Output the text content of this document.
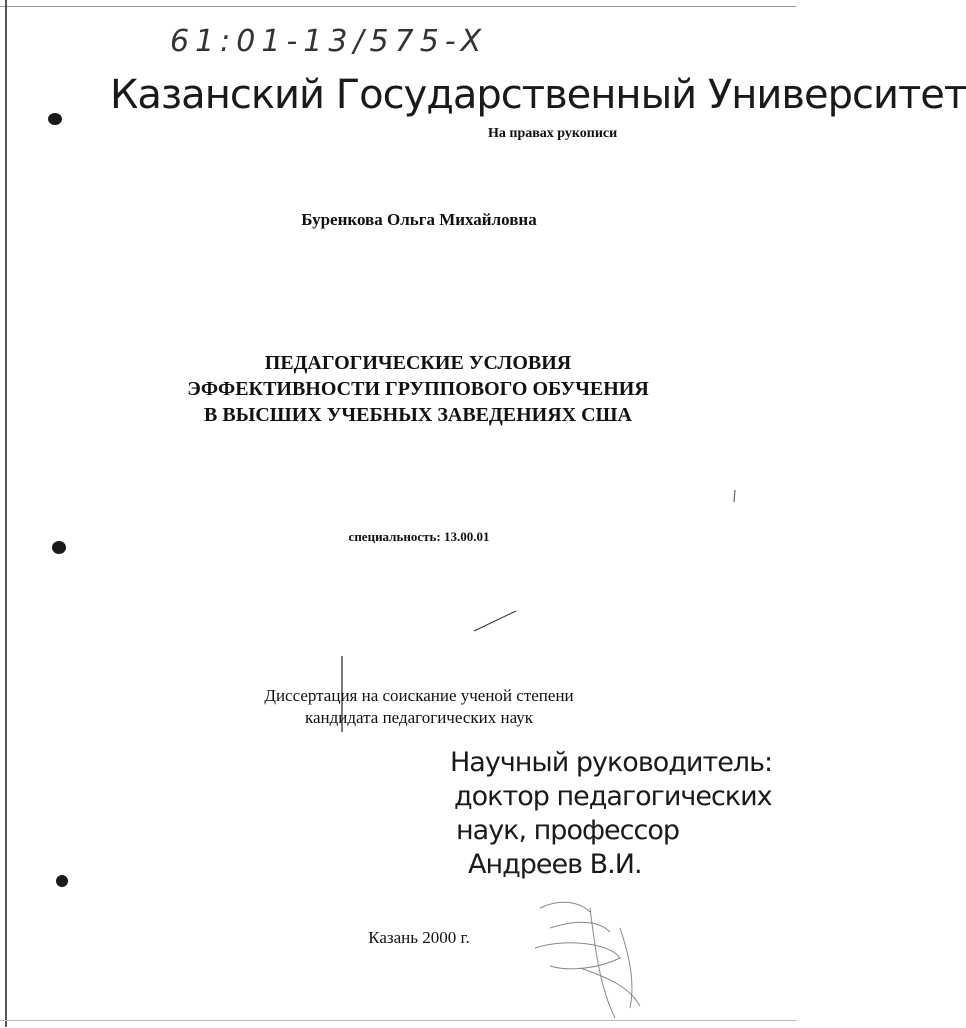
61:01-13/575-X
Казанский Государственный Университет
На правах рукописи
Буренкова Ольга Михайловна
ПЕДАГОГИЧЕСКИЕ УСЛОВИЯ
ЭФФЕКТИВНОСТИ ГРУППОВОГО ОБУЧЕНИЯ
В ВЫСШИХ УЧЕБНЫХ ЗАВЕДЕНИЯХ США
специальность: 13.00.01
Диссертация на соискание ученой степени
кандидата педагогических наук
Научный руководитель:
доктор педагогических
наук, профессор
Андреев В.И.
Казань 2000 г.
